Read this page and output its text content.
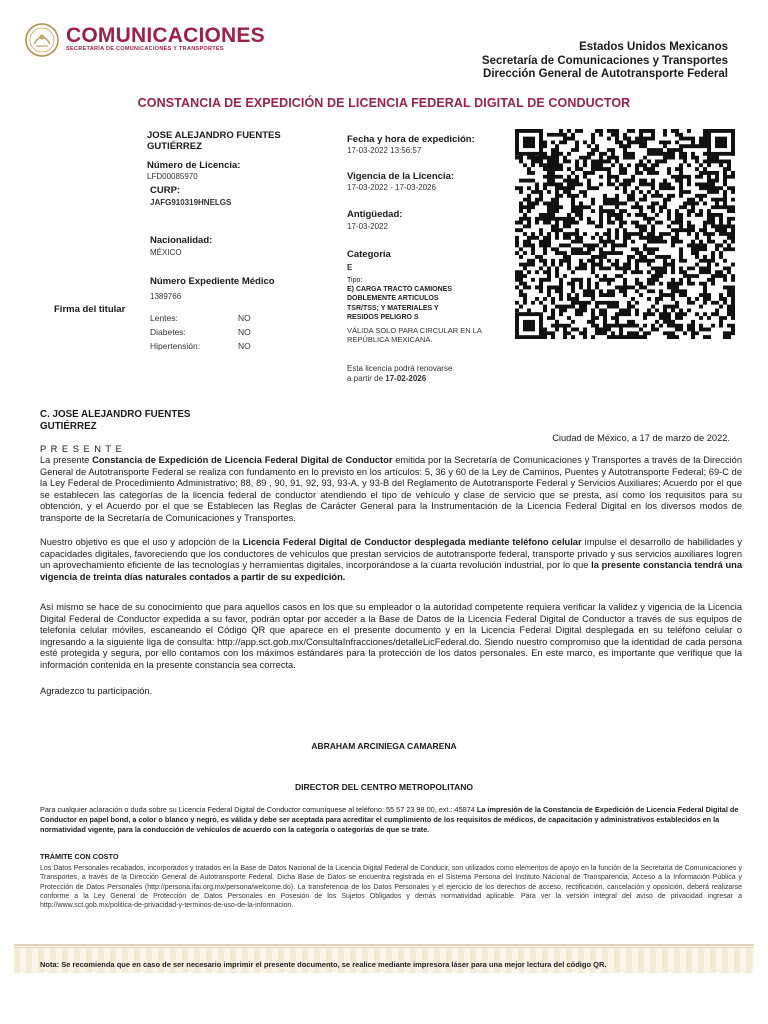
COMUNICACIONES
SECRETARÍA DE COMUNICACIONES Y TRANSPORTES	Estados Unidos Mexicanos
Secretaría de Comunicaciones y Transportes
Dirección General de Autotransporte Federal
CONSTANCIA DE EXPEDICIÓN DE LICENCIA FEDERAL DIGITAL DE CONDUCTOR
JOSE ALEJANDRO FUENTES
GUTIÉRREZ
Número de Licencia:
LFD00085970
CURP:
JAFG910319HNELGS
Nacionalidad:
MÉXICO
Número Expediente Médico
1389766
Lentes:	NO
Diabetes:	NO
Hipertensión:	NO
Firma del titular
Fecha y hora de expedición:
17-03-2022 13:56:57
Vigencia de la Licencia:
17-03-2022 - 17-03-2026
Antigüedad:
17-03-2022
Categoría
E
Tipo:
E) CARGA TRACTO CAMIONES
DOBLEMENTE ARTICULOS
TSR/TSS; Y MATERIALES Y
RESIDOS PELIGRO S
VÁLIDA SOLO PARA CIRCULAR EN LA
REPÚBLICA MEXICANA.
Esta licencia podrá renovarse
a partir de 17-02-2026
C. JOSE ALEJANDRO FUENTES
GUTIÉRREZ
Ciudad de México, a 17 de marzo de 2022.
P R E S E N T E
La presente Constancia de Expedición de Licencia Federal Digital de Conductor emitida por la Secretaría de Comunicaciones y Transportes a través de la Dirección General de Autotransporte Federal se realiza con fundamento en lo previsto en los artículos: 5, 36 y 60 de la Ley de Caminos, Puentes y Autotransporte Federal; 69-C de la Ley Federal de Procedimiento Administrativo; 88, 89 , 90, 91, 92, 93, 93-A, y 93-B del Reglamento de Autotransporte Federal y Servicios Auxiliares; Acuerdo por el que se establecen las categorías de la licencia federal de conductor atendiendo el tipo de vehículo y clase de servicio que se presta, así como los requisitos para su obtención, y el Acuerdo por el que se Establecen las Reglas de Carácter General para la Instrumentación de la Licencia Federal Digital en los diversos modos de transporte de la Secretaría de Comunicaciones y Transportes.
Nuestro objetivo es que el uso y adopción de la Licencia Federal Digital de Conductor desplegada mediante teléfono celular impulse el desarrollo de habilidades y capacidades digitales, favoreciendo que los conductores de vehículos que prestan servicios de autotransporte federal, transporte privado y sus servicios auxiliares logren un aprovechamiento eficiente de las tecnologías y herramientas digitales, incorporándose a la cuarta revolución industrial, por lo que la presente constancia tendrá una vigencia de treinta días naturales contados a partir de su expedición.
Así mismo se hace de su conocimiento que para aquellos casos en los que su empleador o la autoridad competente requiera verificar la validez y vigencia de la Licencia Digital Federal de Conductor expedida a su favor, podrán optar por acceder a la Base de Datos de la Licencia Federal Digital de Conductor a través de sus equipos de telefonía celular móviles, escaneando el Código QR que aparece en el presente documento y en la Licencia Federal Digital desplegada en su teléfono celular o ingresando a la siguiente liga de consulta: http://app.sct.gob.mx/ConsultaInfracciones/detalleLicFederal.do. Siendo nuestro compromiso que la identidad de cada persona esté protegida y segura, por ello contamos con los máximos estándares para la protección de los datos personales. En este marco, es importante que verifique que la información contenida en la presente constancia sea correcta.
Agradezco tu participación.
ABRAHAM ARCINIEGA CAMARENA
DIRECTOR DEL CENTRO METROPOLITANO
Para cualquier aclaración o duda sobre su Licencia Federal Digital de Conductor comuníquese al teléfono: 55 57 23 98 00, ext.: 45874 La impresión de la Constancia de Expedición de Licencia Federal Digital de Conductor en papel bond, a color o blanco y negro, es válida y debe ser aceptada para acreditar el cumplimiento de los requisitos de médicos, de capacitación y administrativos establecidos en la normatividad vigente, para la conducción de vehículos de acuerdo con la categoría o categorías de que se trate.
TRÁMITE CON COSTO
Los Datos Personales recabados, incorporados y tratados en la Base de Datos Nacional de la Licencia Digital Federal de Conducir, son utilizados como elementos de apoyo en la función de la Secretaría de Comunicaciones y Transportes, a través de la Dirección General de Autotransporte Federal. Dicha Base de Datos se encuentra registrada en el Sistema Persona del Instituto Nacional de Transparencia, Acceso a la Información Pública y Protección de Datos Personales (http://persona.ifai.org.mx/persona/welcome.do). La transferencia de los Datos Personales y el ejercicio de los derechos de acceso, rectificación, cancelación y oposición, deberá realizarse conforme a la Ley General de Protección de Datos Personales en Posesión de los Sujetos Obligados y demás normatividad aplicable. Para ver la versión integral del aviso de privacidad ingresar a http://www.sct.gob.mx/politica-de-privacidad-y-terminos-de-uso-de-la-informacion.
Nota: Se recomienda que en caso de ser necesario imprimir el presente documento, se realice mediante impresora láser para una mejor lectura del código QR.
